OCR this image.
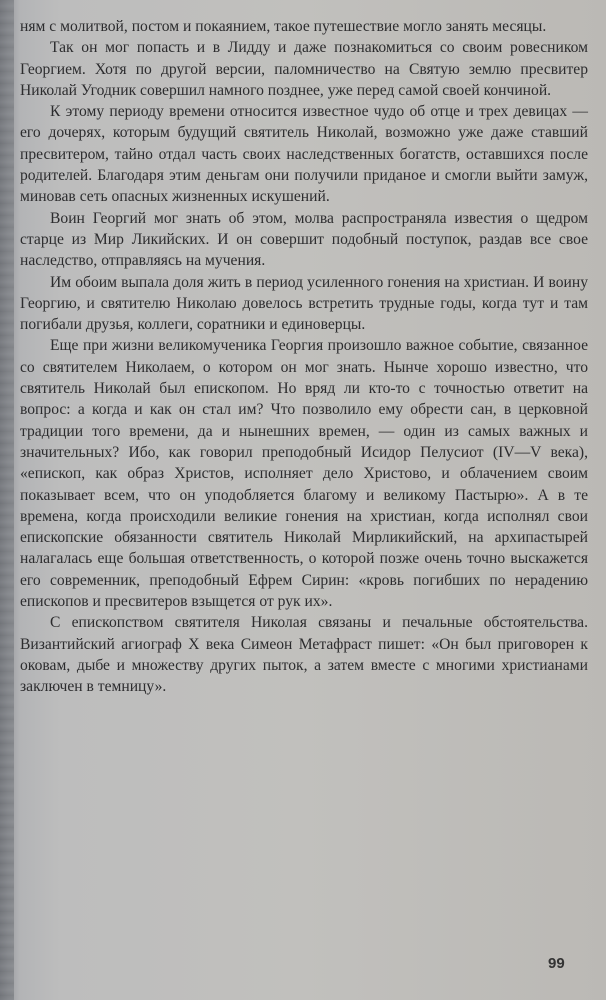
ням с молитвой, постом и покаянием, такое путешествие могло занять месяцы.

Так он мог попасть и в Лидду и даже познакомиться со своим ровесником Георгием. Хотя по другой версии, паломничество на Святую землю пресвитер Николай Угодник совершил намного позднее, уже перед самой своей кончиной.

К этому периоду времени относится известное чудо об отце и трех девицах — его дочерях, которым будущий святитель Николай, возможно уже даже ставший пресвитером, тайно отдал часть своих наследственных богатств, оставшихся после родителей. Благодаря этим деньгам они получили приданое и смогли выйти замуж, миновав сеть опасных жизненных искушений.

Воин Георгий мог знать об этом, молва распространяла известия о щедром старце из Мир Ликийских. И он совершит подобный поступок, раздав все свое наследство, отправляясь на мучения.

Им обоим выпала доля жить в период усиленного гонения на христиан. И воину Георгию, и святителю Николаю довелось встретить трудные годы, когда тут и там погибали друзья, коллеги, соратники и единоверцы.

Еще при жизни великомученика Георгия произошло важное событие, связанное со святителем Николаем, о котором он мог знать. Нынче хорошо известно, что святитель Николай был епископом. Но вряд ли кто-то с точностью ответит на вопрос: а когда и как он стал им? Что позволило ему обрести сан, в церковной традиции того времени, да и нынешних времен, — один из самых важных и значительных? Ибо, как говорил преподобный Исидор Пелусиот (IV—V века), «епископ, как образ Христов, исполняет дело Христово, и облачением своим показывает всем, что он уподобляется благому и великому Пастырю». А в те времена, когда происходили великие гонения на христиан, когда исполнял свои епископские обязанности святитель Николай Мирликийский, на архипастырей налагалась еще большая ответственность, о которой позже очень точно выскажется его современник, преподобный Ефрем Сирин: «кровь погибших по нерадению епископов и пресвитеров взыщется от рук их».

С епископством святителя Николая связаны и печальные обстоятельства. Византийский агиограф X века Симеон Метафраст пишет: «Он был приговорен к оковам, дыбе и множеству других пыток, а затем вместе с многими христианами заключен в темницу».

99
